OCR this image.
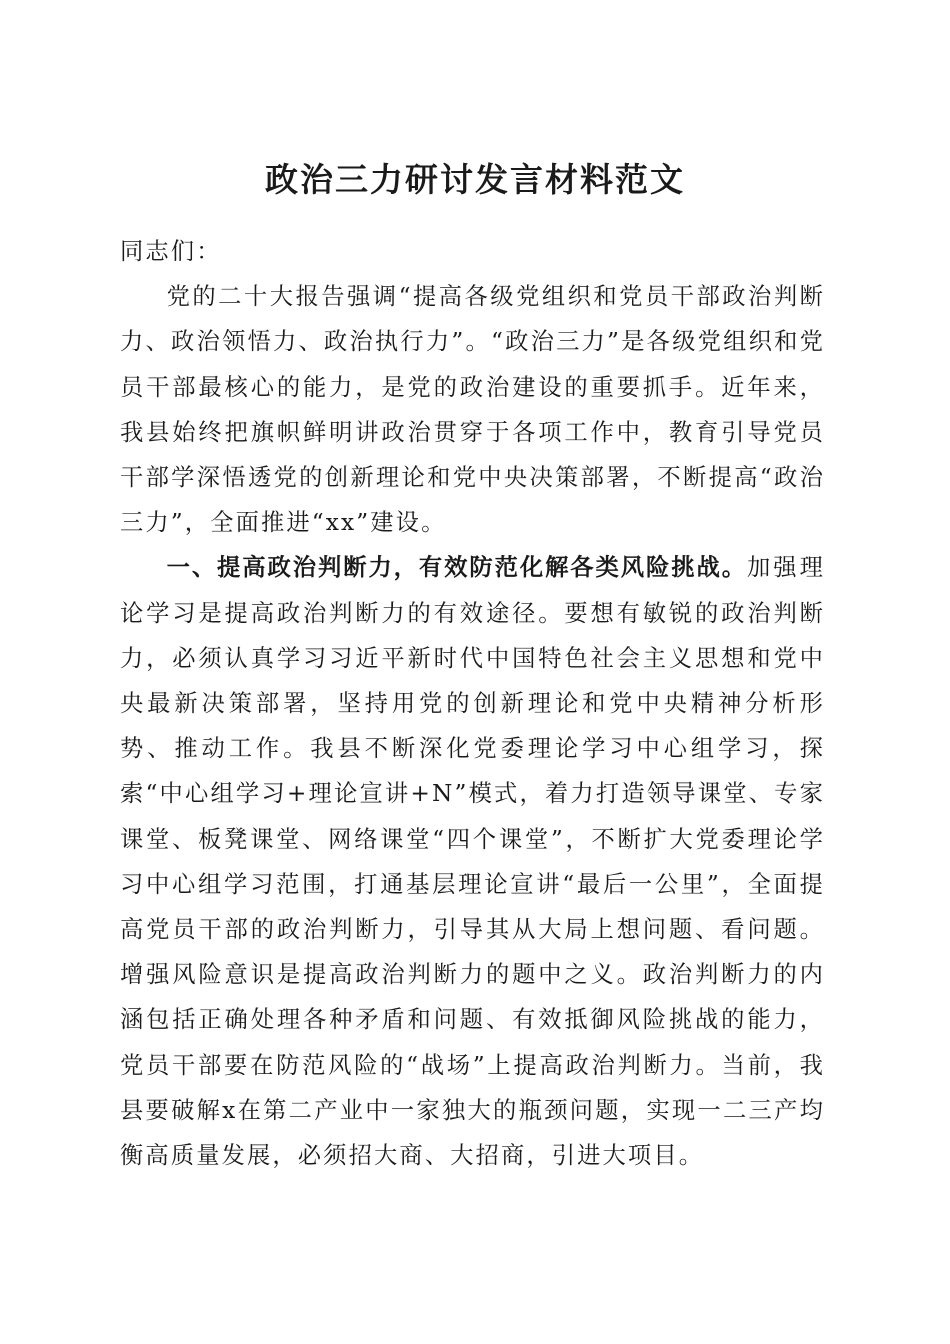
政治三力研讨发言材料范文

同志们：

党的二十大报告强调“提高各级党组织和党员干部政治判断力、政治领悟力、政治执行力”。“政治三力”是各级党组织和党员干部最核心的能力，是党的政治建设的重要抓手。近年来，我县始终把旗帜鲜明讲政治贯穿于各项工作中，教育引导党员干部学深悟透党的创新理论和党中央决策部署，不断提高“政治三力”，全面推进“xx”建设。

一、提高政治判断力，有效防范化解各类风险挑战。加强理论学习是提高政治判断力的有效途径。要想有敏锐的政治判断力，必须认真学习习近平新时代中国特色社会主义思想和党中央最新决策部署，坚持用党的创新理论和党中央精神分析形势、推动工作。我县不断深化党委理论学习中心组学习，探索“中心组学习+理论宣讲+N”模式，着力打造领导课堂、专家课堂、板凳课堂、网络课堂“四个课堂”，不断扩大党委理论学习中心组学习范围，打通基层理论宣讲“最后一公里”，全面提高党员干部的政治判断力，引导其从大局上想问题、看问题。增强风险意识是提高政治判断力的题中之义。政治判断力的内涵包括正确处理各种矛盾和问题、有效抵御风险挑战的能力，党员干部要在防范风险的“战场”上提高政治判断力。当前，我县要破解x在第二产业中一家独大的瓶颈问题，实现一二三产均衡高质量发展，必须招大商、大招商，引进大项目。
